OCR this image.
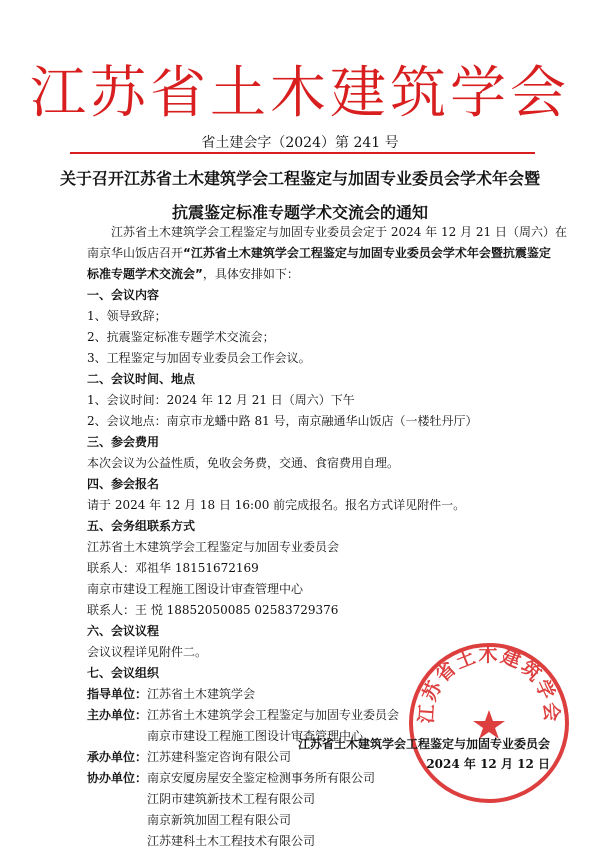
江苏省土木建筑学会
省土建会字（2024）第 241 号
关于召开江苏省土木建筑学会工程鉴定与加固专业委员会学术年会暨
抗震鉴定标准专题学术交流会的通知
江苏省土木建筑学会工程鉴定与加固专业委员会定于 2024 年 12 月 21 日（周六）在
南京华山饭店召开“江苏省土木建筑学会工程鉴定与加固专业委员会学术年会暨抗震鉴定
标准专题学术交流会”，具体安排如下：
一、会议内容
1、领导致辞；
2、抗震鉴定标准专题学术交流会；
3、工程鉴定与加固专业委员会工作会议。
二、会议时间、地点
1、会议时间：2024 年 12 月 21 日（周六）下午
2、会议地点：南京市龙蟠中路 81 号，南京融通华山饭店（一楼牡丹厅）
三、参会费用
本次会议为公益性质，免收会务费，交通、食宿费用自理。
四、参会报名
请于 2024 年 12 月 18 日 16:00 前完成报名。报名方式详见附件一。
五、会务组联系方式
江苏省土木建筑学会工程鉴定与加固专业委员会
联系人：邓祖华 18151672169
南京市建设工程施工图设计审查管理中心
联系人：王 悦 18852050085 02583729376
六、会议议程
会议议程详见附件二。
七、会议组织
指导单位：江苏省土木建筑学会
主办单位：江苏省土木建筑学会工程鉴定与加固专业委员会
南京市建设工程施工图设计审查管理中心
承办单位：江苏建科鉴定咨询有限公司
协办单位：南京安厦房屋安全鉴定检测事务所有限公司
江阴市建筑新技术工程有限公司
南京新筑加固工程有限公司
江苏建科土木工程技术有限公司
江苏省土木建筑学会
江苏省土木建筑学会工程鉴定与加固专业委员会
2024 年 12 月 12 日
